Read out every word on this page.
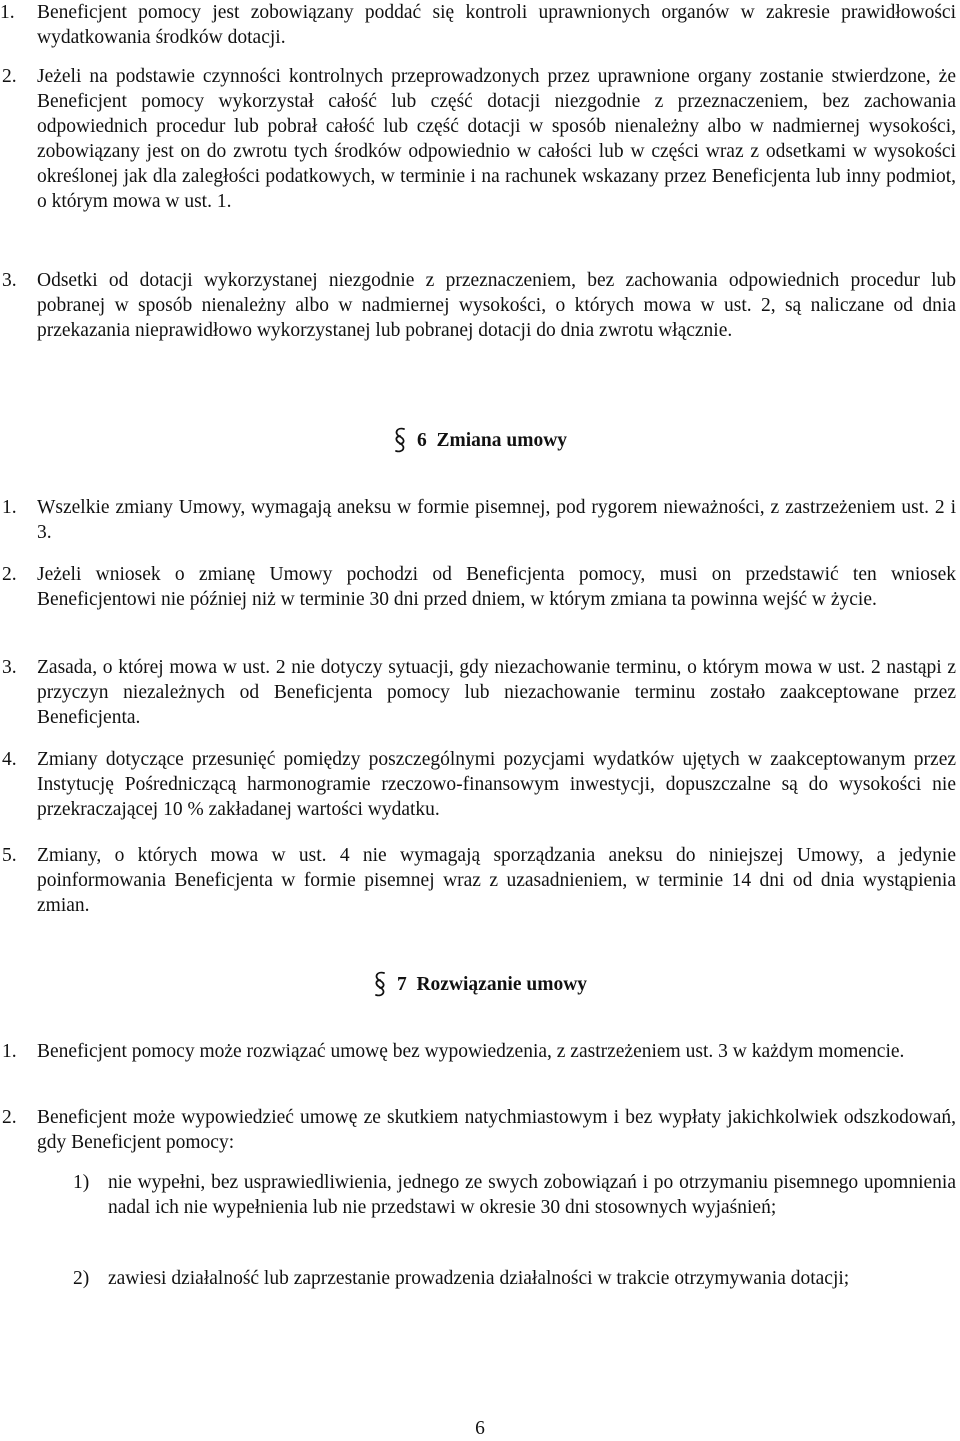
1. Beneficjent pomocy jest zobowiązany poddać się kontroli uprawnionych organów w zakresie prawidłowości wydatkowania środków dotacji.
2. Jeżeli na podstawie czynności kontrolnych przeprowadzonych przez uprawnione organy zostanie stwierdzone, że Beneficjent pomocy wykorzystał całość lub część dotacji niezgodnie z przeznaczeniem, bez zachowania odpowiednich procedur lub pobrał całość lub część dotacji w sposób nienależny albo w nadmiernej wysokości, zobowiązany jest on do zwrotu tych środków odpowiednio w całości lub w części wraz z odsetkami w wysokości określonej jak dla zaległości podatkowych, w terminie i na rachunek wskazany przez Beneficjenta lub inny podmiot, o którym mowa w ust. 1.
3. Odsetki od dotacji wykorzystanej niezgodnie z przeznaczeniem, bez zachowania odpowiednich procedur lub pobranej w sposób nienależny albo w nadmiernej wysokości, o których mowa w ust. 2, są naliczane od dnia przekazania nieprawidłowo wykorzystanej lub pobranej dotacji do dnia zwrotu włącznie.
6 Zmiana umowy
1. Wszelkie zmiany Umowy, wymagają aneksu w formie pisemnej, pod rygorem nieważności, z zastrzeżeniem ust. 2 i 3.
2. Jeżeli wniosek o zmianę Umowy pochodzi od Beneficjenta pomocy, musi on przedstawić ten wniosek Beneficjentowi nie później niż w terminie 30 dni przed dniem, w którym zmiana ta powinna wejść w życie.
3. Zasada, o której mowa w ust. 2 nie dotyczy sytuacji, gdy niezachowanie terminu, o którym mowa w ust. 2 nastąpi z przyczyn niezależnych od Beneficjenta pomocy lub niezachowanie terminu zostało zaakceptowane przez Beneficjenta.
4. Zmiany dotyczące przesunięć pomiędzy poszczególnymi pozycjami wydatków ujętych w zaakceptowanym przez Instytucję Pośredniczącą harmonogramie rzeczowo-finansowym inwestycji, dopuszczalne są do wysokości nie przekraczającej 10 % zakładanej wartości wydatku.
5. Zmiany, o których mowa w ust. 4 nie wymagają sporządzania aneksu do niniejszej Umowy, a jedynie poinformowania Beneficjenta w formie pisemnej wraz z uzasadnieniem, w terminie 14 dni od dnia wystąpienia zmian.
7 Rozwiązanie umowy
1. Beneficjent pomocy może rozwiązać umowę bez wypowiedzenia, z zastrzeżeniem ust. 3 w każdym momencie.
2. Beneficjent może wypowiedzieć umowę ze skutkiem natychmiastowym i bez wypłaty jakichkolwiek odszkodowań, gdy Beneficjent pomocy:
1) nie wypełni, bez usprawiedliwienia, jednego ze swych zobowiązań i po otrzymaniu pisemnego upomnienia nadal ich nie wypełnienia lub nie przedstawi w okresie 30 dni stosownych wyjaśnień;
2) zawiesi działalność lub zaprzestanie prowadzenia działalności w trakcie otrzymywania dotacji;
6
